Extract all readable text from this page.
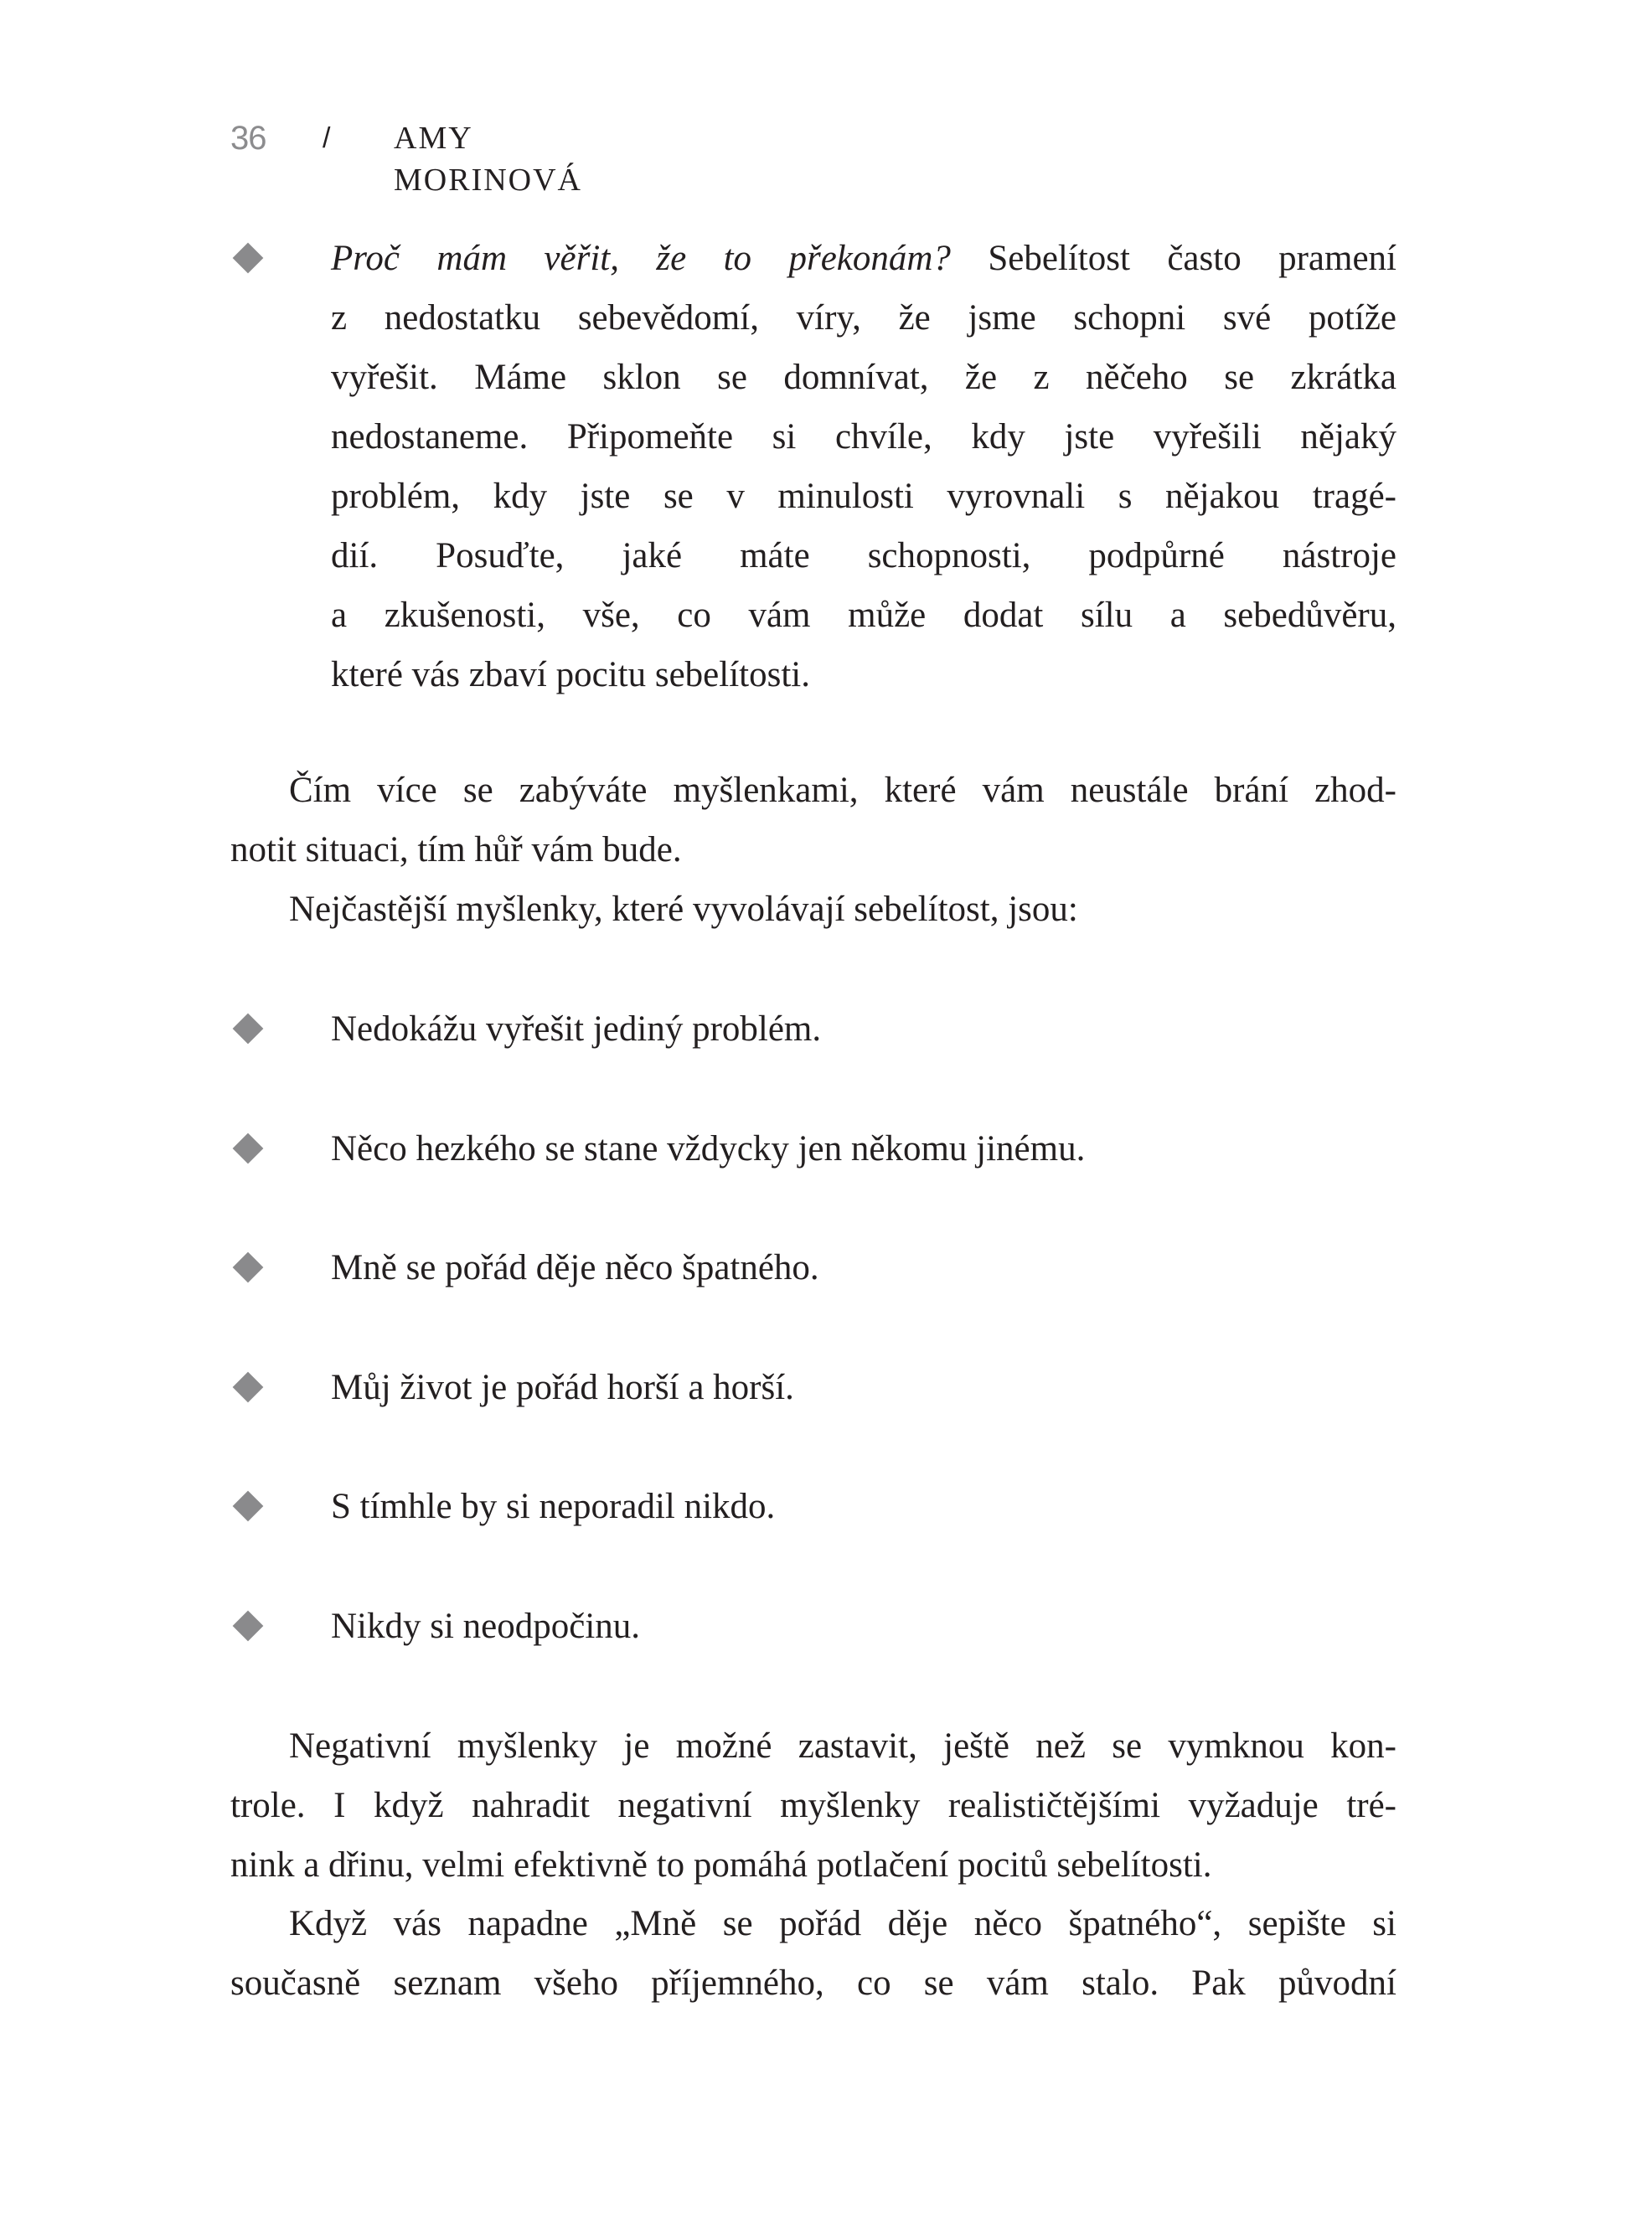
36 / AMY MORINOVÁ
Proč mám věřit, že to překonám? Sebelítost často pramení
z nedostatku sebevědomí, víry, že jsme schopni své potíže
vyřešit. Máme sklon se domnívat, že z něčeho se zkrátka
nedostaneme. Připomeňte si chvíle, kdy jste vyřešili nějaký
problém, kdy jste se v minulosti vyrovnali s nějakou tragé-
dií. Posuďte, jaké máte schopnosti, podpůrné nástroje
a zkušenosti, vše, co vám může dodat sílu a sebedůvěru,
které vás zbaví pocitu sebelítosti.
Čím více se zabýváte myšlenkami, které vám neustále brání zhod-
notit situaci, tím hůř vám bude.
Nejčastější myšlenky, které vyvolávají sebelítost, jsou:
Nedokážu vyřešit jediný problém.
Něco hezkého se stane vždycky jen někomu jinému.
Mně se pořád děje něco špatného.
Můj život je pořád horší a horší.
S tímhle by si neporadil nikdo.
Nikdy si neodpočinu.
Negativní myšlenky je možné zastavit, ještě než se vymknou kon-
trole. I když nahradit negativní myšlenky realističtějšími vyžaduje tré-
nink a dřinu, velmi efektivně to pomáhá potlačení pocitů sebelítosti.
Když vás napadne „Mně se pořád děje něco špatného“, sepište si
současně seznam všeho příjemného, co se vám stalo. Pak původní
